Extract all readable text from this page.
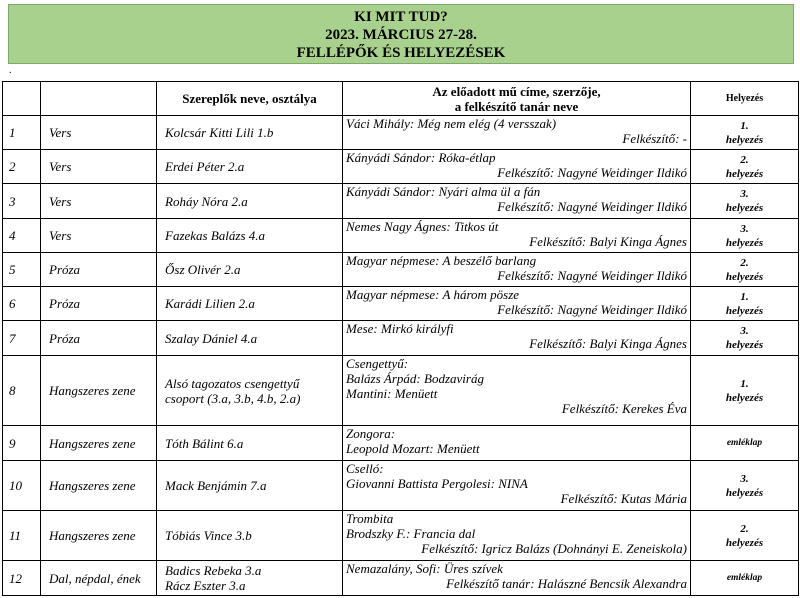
KI MIT TUD?
2023. MÁRCIUS 27-28.
FELLÉPŐK ÉS HELYEZÉSEK
.
		Szereplők neve, osztálya	Az előadott mű címe, szerzője,
a felkészítő tanár neve	Helyezés
1	Vers	Kolcsár Kitti Lili 1.b	Váci Mihály: Még nem elég (4 versszak)
Felkészítő: -	1.
helyezés

2	Vers	Erdei Péter 2.a	Kányádi Sándor: Róka-étlap
Felkészítő: Nagyné Weidinger Ildikó	2.
helyezés

3	Vers	Roháy Nóra 2.a	Kányádi Sándor: Nyári alma ül a fán
Felkészítő: Nagyné Weidinger Ildikó	3.
helyezés

4	Vers	Fazekas Balázs 4.a	Nemes Nagy Ágnes: Titkos út
Felkészítő: Balyi Kinga Ágnes	3.
helyezés

5	Próza	Ősz Olivér 2.a	Magyar népmese: A beszélő barlang
Felkészítő: Nagyné Weidinger Ildikó	2.
helyezés

6	Próza	Karádi Lilien 2.a	Magyar népmese: A három pösze
Felkészítő: Nagyné Weidinger Ildikó	1.
helyezés

7	Próza	Szalay Dániel 4.a	Mese: Mirkó királyfi
Felkészítő: Balyi Kinga Ágnes	3.
helyezés

8	Hangszeres zene	Alsó tagozatos csengettyű
csoport (3.a, 3.b, 4.b, 2.a)	Csengettyű:
Balázs Árpád: Bodzavirág
Mantini: Menüett
Felkészítő: Kerekes Éva	1.
helyezés

9	Hangszeres zene	Tóth Bálint 6.a	Zongora:
Leopold Mozart: Menüett	emléklap

10	Hangszeres zene	Mack Benjámin 7.a	Cselló:
Giovanni Battista Pergolesi: NINA
Felkészítő: Kutas Mária	3.
helyezés

11	Hangszeres zene	Tóbiás Vince 3.b	Trombita
Brodszky F.: Francia dal
Felkészítő: Igricz Balázs (Dohnányi E. Zeneiskola)	2.
helyezés

12	Dal, népdal, ének	Badics Rebeka 3.a
Rácz Eszter 3.a	Nemazalány, Sofi: Üres szívek
Felkészítő tanár: Halászné Bencsik Alexandra	emléklap
